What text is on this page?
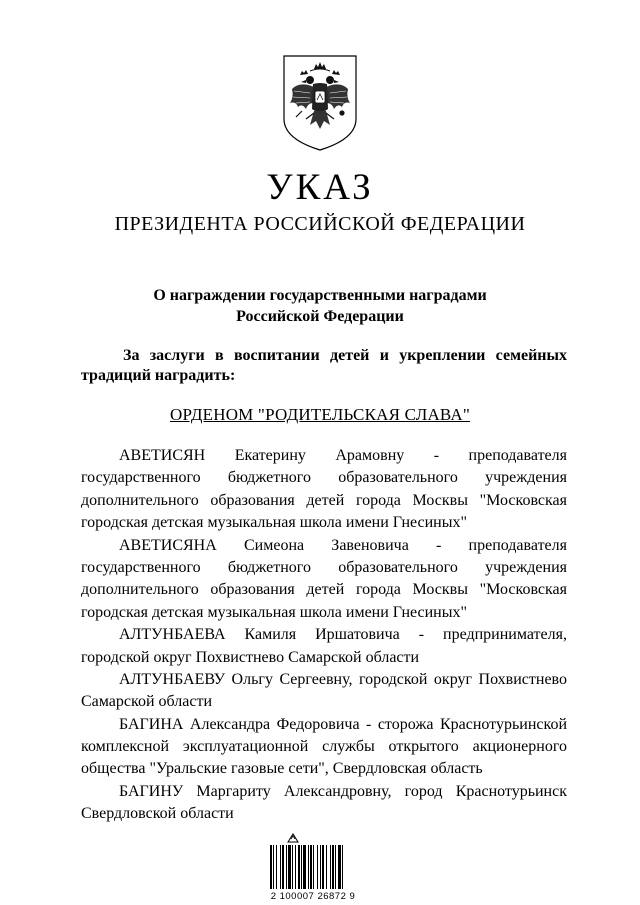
УКАЗ
ПРЕЗИДЕНТА РОССИЙСКОЙ ФЕДЕРАЦИИ
О награждении государственными наградами
Российской Федерации
За заслуги в воспитании детей и укреплении семейных
традиций наградить:
ОРДЕНОМ "РОДИТЕЛЬСКАЯ СЛАВА"
АВЕТИСЯН Екатерину Арамовну - преподавателя
государственного бюджетного образовательного учреждения
дополнительного образования детей города Москвы "Московская
городская детская музыкальная школа имени Гнесиных"
АВЕТИСЯНА Симеона Завеновича - преподавателя
государственного бюджетного образовательного учреждения
дополнительного образования детей города Москвы "Московская
городская детская музыкальная школа имени Гнесиных"
АЛТУНБАЕВА Камиля Иршатовича - предпринимателя,
городской округ Похвистнево Самарской области
АЛТУНБАЕВУ Ольгу Сергеевну, городской округ Похвистнево
Самарской области
БАГИНА Александра Федоровича - сторожа Краснотурьинской
комплексной эксплуатационной службы открытого акционерного
общества "Уральские газовые сети", Свердловская область
БАГИНУ Маргариту Александровну, город Краснотурьинск
Свердловской области
2 100007 26872 9
